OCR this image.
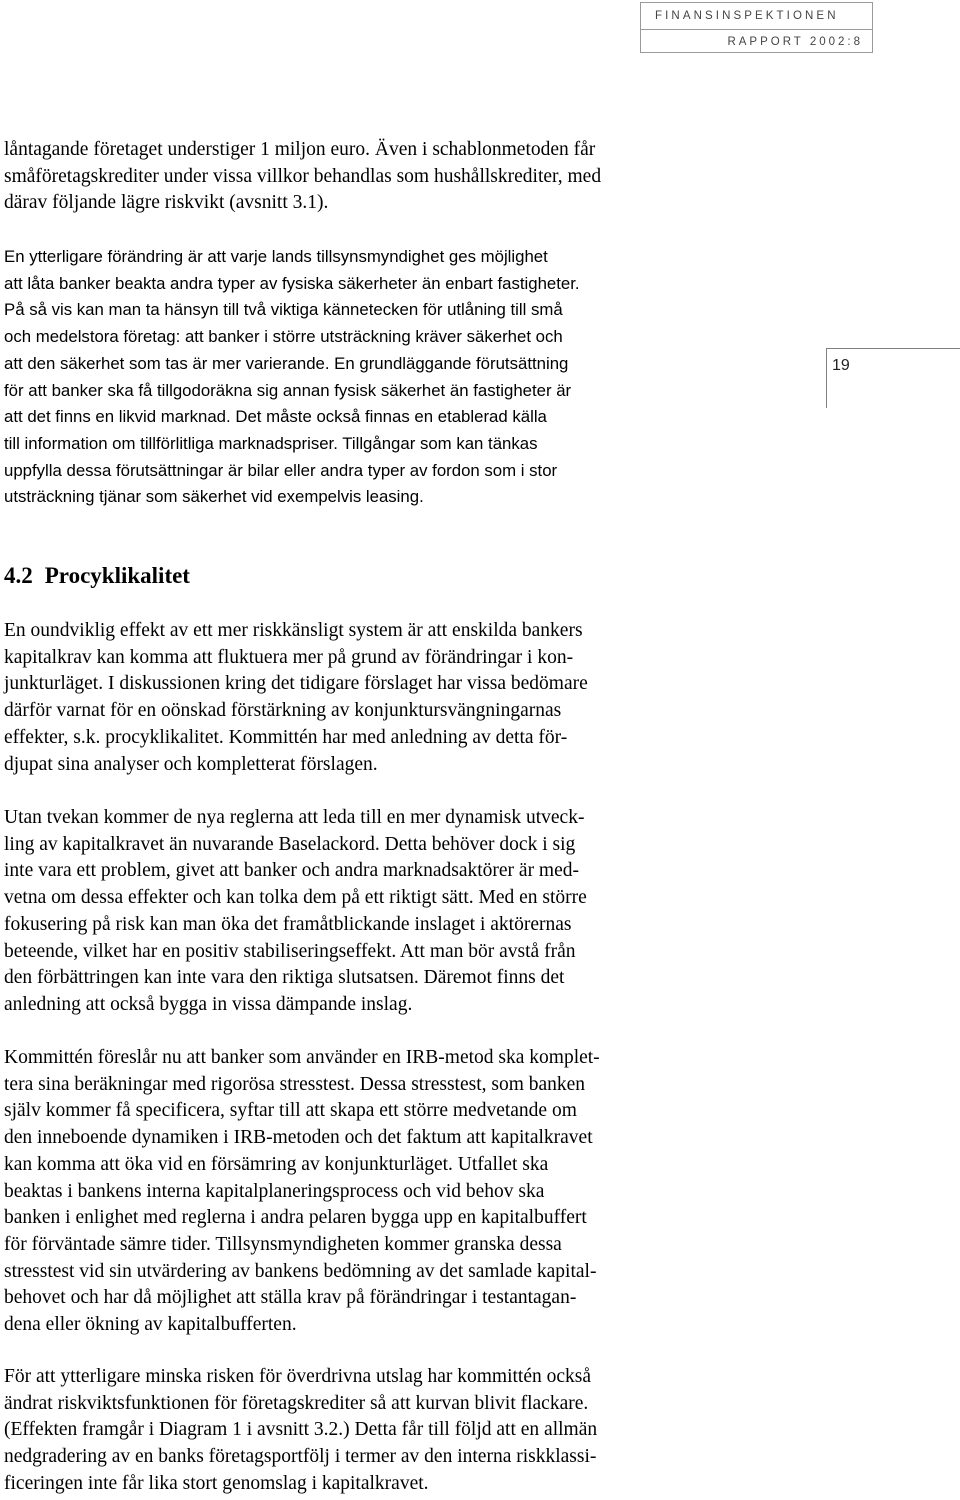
FINANSINSPEKTIONEN
RAPPORT 2002:8
19
låntagande företaget understiger 1 miljon euro. Även i schablonmetoden får
småföretagskrediter under vissa villkor behandlas som hushållskrediter, med
därav följande lägre riskvikt (avsnitt 3.1).
En ytterligare förändring är att varje lands tillsynsmyndighet ges möjlighet
att låta banker beakta andra typer av fysiska säkerheter än enbart fastigheter.
På så vis kan man ta hänsyn till två viktiga kännetecken för utlåning till små
och medelstora företag: att banker i större utsträckning kräver säkerhet och
att den säkerhet som tas är mer varierande. En grundläggande förutsättning
för att banker ska få tillgodoräkna sig annan fysisk säkerhet än fastigheter är
att det finns en likvid marknad. Det måste också finnas en etablerad källa
till information om tillförlitliga marknadspriser. Tillgångar som kan tänkas
uppfylla dessa förutsättningar är bilar eller andra typer av fordon som i stor
utsträckning tjänar som säkerhet vid exempelvis leasing.
4.2 Procyklikalitet
En oundviklig effekt av ett mer riskkänsligt system är att enskilda bankers
kapitalkrav kan komma att fluktuera mer på grund av förändringar i kon-
junkturläget. I diskussionen kring det tidigare förslaget har vissa bedömare
därför varnat för en oönskad förstärkning av konjunktursvängningarnas
effekter, s.k. procyklikalitet. Kommittén har med anledning av detta för-
djupat sina analyser och kompletterat förslagen.
Utan tvekan kommer de nya reglerna att leda till en mer dynamisk utveck-
ling av kapitalkravet än nuvarande Baselackord. Detta behöver dock i sig
inte vara ett problem, givet att banker och andra marknadsaktörer är med-
vetna om dessa effekter och kan tolka dem på ett riktigt sätt. Med en större
fokusering på risk kan man öka det framåtblickande inslaget i aktörernas
beteende, vilket har en positiv stabiliseringseffekt. Att man bör avstå från
den förbättringen kan inte vara den riktiga slutsatsen. Däremot finns det
anledning att också bygga in vissa dämpande inslag.
Kommittén föreslår nu att banker som använder en IRB-metod ska komplet-
tera sina beräkningar med rigorösa stresstest. Dessa stresstest, som banken
själv kommer få specificera, syftar till att skapa ett större medvetande om
den inneboende dynamiken i IRB-metoden och det faktum att kapitalkravet
kan komma att öka vid en försämring av konjunkturläget. Utfallet ska
beaktas i bankens interna kapitalplaneringsprocess och vid behov ska
banken i enlighet med reglerna i andra pelaren bygga upp en kapitalbuffert
för förväntade sämre tider. Tillsynsmyndigheten kommer granska dessa
stresstest vid sin utvärdering av bankens bedömning av det samlade kapital-
behovet och har då möjlighet att ställa krav på förändringar i testantagan-
dena eller ökning av kapitalbufferten.
För att ytterligare minska risken för överdrivna utslag har kommittén också
ändrat riskviktsfunktionen för företagskrediter så att kurvan blivit flackare.
(Effekten framgår i Diagram 1 i avsnitt 3.2.) Detta får till följd att en allmän
nedgradering av en banks företagsportfölj i termer av den interna riskklassi-
ficeringen inte får lika stort genomslag i kapitalkravet.
